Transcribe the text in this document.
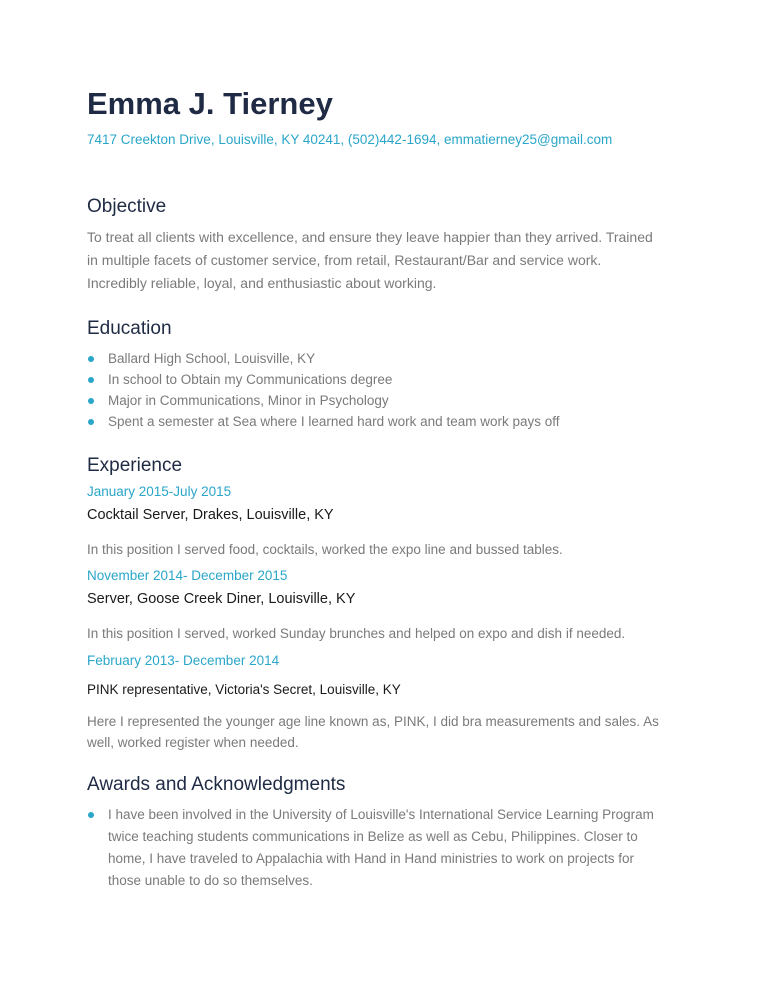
Emma J. Tierney
7417 Creekton Drive, Louisville, KY 40241, (502)442-1694, emmatierney25@gmail.com
Objective

To treat all clients with excellence, and ensure they leave happier than they arrived. Trained in multiple facets of customer service, from retail, Restaurant/Bar and service work. Incredibly reliable, loyal, and enthusiastic about working.

Education
Ballard High School, Louisville, KY
In school to Obtain my Communications degree
Major in Communications, Minor in Psychology
Spent a semester at Sea where I learned hard work and team work pays off
Experience
January 2015-July 2015
Cocktail Server, Drakes, Louisville, KY
In this position I served food, cocktails, worked the expo line and bussed tables.
November 2014- December 2015
Server, Goose Creek Diner, Louisville, KY
In this position I served, worked Sunday brunches and helped on expo and dish if needed.
February 2013- December 2014
PINK representative, Victoria's Secret, Louisville, KY
Here I represented the younger age line known as, PINK, I did bra measurements and sales. As well, worked register when needed.
Awards and Acknowledgments
I have been involved in the University of Louisville's International Service Learning Program twice teaching students communications in Belize as well as Cebu, Philippines. Closer to home, I have traveled to Appalachia with Hand in Hand ministries to work on projects for those unable to do so themselves.
